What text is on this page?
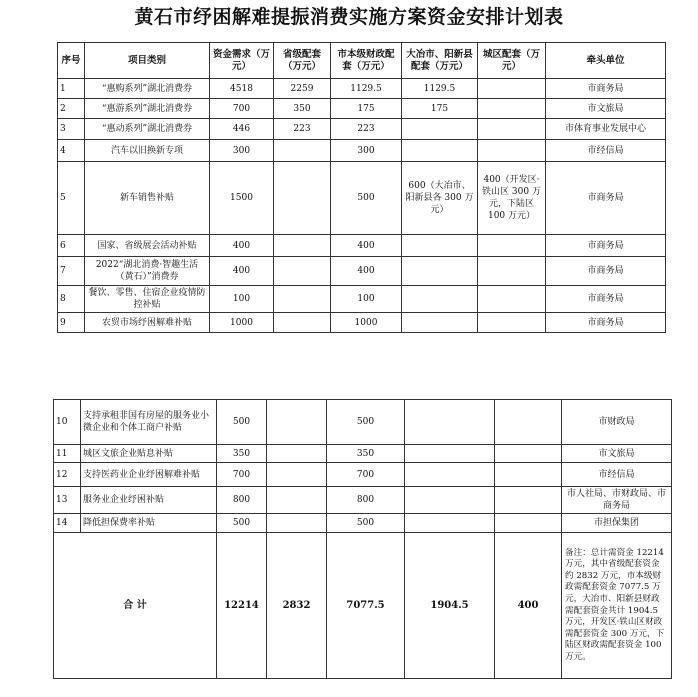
黄石市纾困解难提振消费实施方案资金安排计划表
序号	项目类别	资金需求（万元）	省级配套（万元）	市本级财政配套（万元）	大冶市、阳新县配套（万元）	城区配套（万元）	牵头单位
1	“惠购系列”湖北消费券	4518	2259	1129.5	1129.5		市商务局
2	“惠游系列”湖北消费券	700	350	175	175		市文旅局
3	“惠动系列”湖北消费券	446	223	223			市体育事业发展中心
4	汽车以旧换新专项	300		300			市经信局
5	新车销售补贴	1500		500	600（大冶市、阳新县各 300 万元）	400（开发区·铁山区 300 万元，下陆区 100 万元）	市商务局
6	国家、省级展会活动补贴	400		400			市商务局
7	2022“湖北消费·智趣生活（黄石）”消费券	400		400			市商务局
8	餐饮、零售、住宿企业疫情防控补贴	100		100			市商务局
9	农贸市场纾困解难补贴	1000		1000			市商务局
10	支持承租非国有房屋的服务业小微企业和个体工商户补贴	500		500			市财政局
11	城区文旅企业贴息补贴	350		350			市文旅局
12	支持医药业企业纾困解难补贴	700		700			市经信局
13	服务业企业纾困补贴	800		800			市人社局、市财政局、市商务局
14	降低担保费率补贴	500		500			市担保集团
合 计		12214	2832	7077.5	1904.5	400	备注：总计需资金 12214 万元，其中省级配套资金约 2832 万元，市本级财政需配套资金 7077.5 万元，大冶市、阳新县财政需配套资金共计 1904.5 万元，开发区·铁山区财政需配套资金 300 万元，下陆区财政需配套资金 100 万元。
